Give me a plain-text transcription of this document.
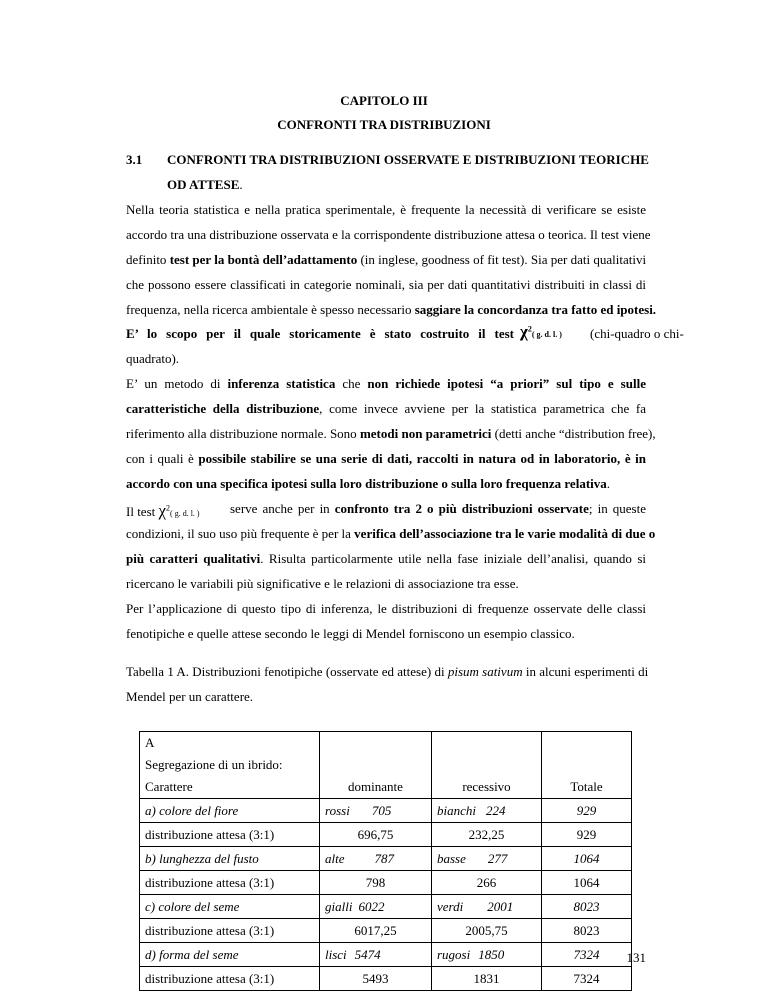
CAPITOLO III
CONFRONTI TRA DISTRIBUZIONI
3.1 CONFRONTI TRA DISTRIBUZIONI OSSERVATE E DISTRIBUZIONI TEORICHE
OD ATTESE.
Nella teoria statistica e nella pratica sperimentale, è frequente la necessità di verificare se esiste
accordo tra una distribuzione osservata e la corrispondente distribuzione attesa o teorica. Il test viene
definito test per la bontà dell’adattamento (in inglese, goodness of fit test). Sia per dati qualitativi
che possono essere classificati in categorie nominali, sia per dati quantitativi distribuiti in classi di
frequenza, nella ricerca ambientale è spesso necessario saggiare la concordanza tra fatto ed ipotesi.
E’ lo scopo per il quale storicamente è stato costruito il test $\chi^2$( g. d. l. ) (chi-quadro o chi-
quadrato).
E’ un metodo di inferenza statistica che non richiede ipotesi “a priori” sul tipo e sulle
caratteristiche della distribuzione, come invece avviene per la statistica parametrica che fa
riferimento alla distribuzione normale. Sono metodi non parametrici (detti anche “distribution free),
con i quali è possibile stabilire se una serie di dati, raccolti in natura od in laboratorio, è in
accordo con una specifica ipotesi sulla loro distribuzione o sulla loro frequenza relativa.
Il test $\chi^2$( g. d. l. ) serve anche per in confronto tra 2 o più distribuzioni osservate; in queste
condizioni, il suo uso più frequente è per la verifica dell’associazione tra le varie modalità di due o
più caratteri qualitativi. Risulta particolarmente utile nella fase iniziale dell’analisi, quando si
ricercano le variabili più significative e le relazioni di associazione tra esse.
Per l’applicazione di questo tipo di inferenza, le distribuzioni di frequenze osservate delle classi
fenotipiche e quelle attese secondo le leggi di Mendel forniscono un esempio classico.
Tabella 1 A. Distribuzioni fenotipiche (osservate ed attese) di pisum sativum in alcuni esperimenti di
Mendel per un carattere.
A
Segregazione di un ibrido:			

Carattere	dominante	recessivo	Totale
a) colore del fiore	rossi 705	bianchi 224	929
distribuzione attesa (3:1)	696,75	232,25	929
b) lunghezza del fusto	alte 787	basse 277	1064
distribuzione attesa (3:1)	798	266	1064
c) colore del seme	gialli 6022	verdi 2001	8023
distribuzione attesa (3:1)	6017,25	2005,75	8023
d) forma del seme	lisci 5474	rugosi 1850	7324
distribuzione attesa (3:1)	5493	1831	7324
131
